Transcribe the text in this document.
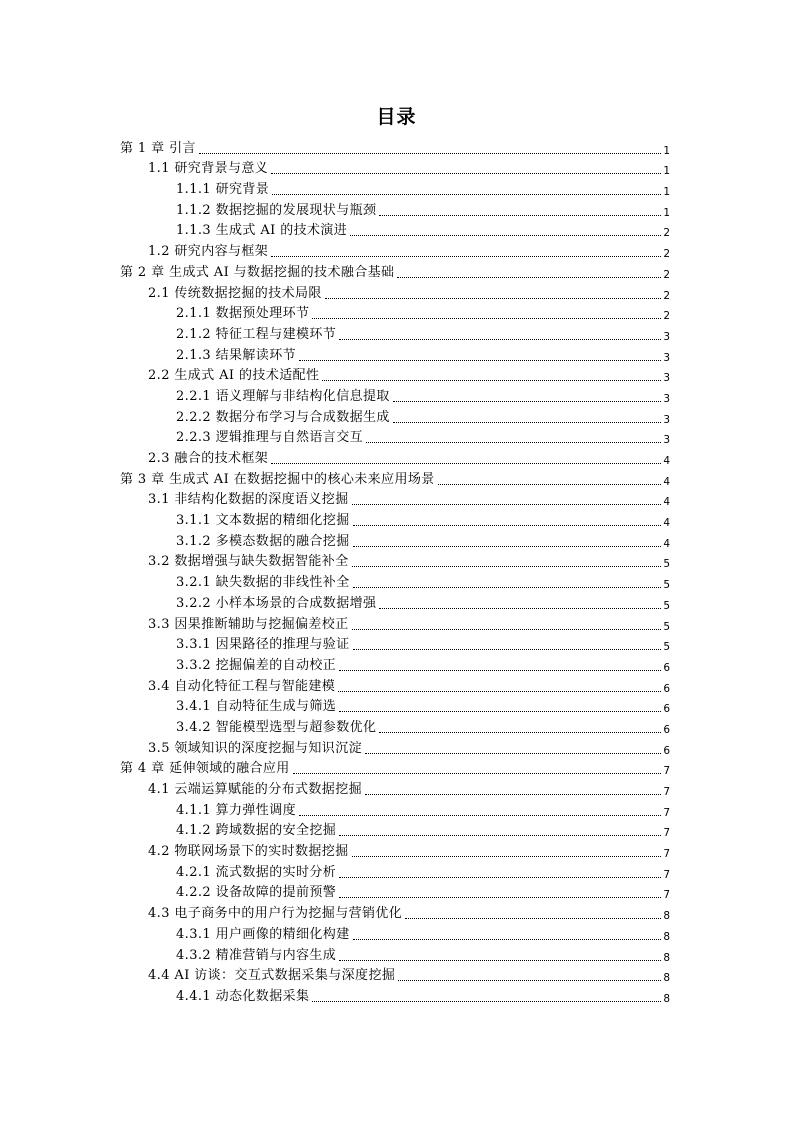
目录
第 1 章 引言	1
1.1 研究背景与意义	1
1.1.1 研究背景	1
1.1.2 数据挖掘的发展现状与瓶颈	1
1.1.3 生成式 AI 的技术演进	2
1.2 研究内容与框架	2
第 2 章 生成式 AI 与数据挖掘的技术融合基础	2
2.1 传统数据挖掘的技术局限	2
2.1.1 数据预处理环节	2
2.1.2 特征工程与建模环节	3
2.1.3 结果解读环节	3
2.2 生成式 AI 的技术适配性	3
2.2.1 语义理解与非结构化信息提取	3
2.2.2 数据分布学习与合成数据生成	3
2.2.3 逻辑推理与自然语言交互	3
2.3 融合的技术框架	4
第 3 章 生成式 AI 在数据挖掘中的核心未来应用场景	4
3.1 非结构化数据的深度语义挖掘	4
3.1.1 文本数据的精细化挖掘	4
3.1.2 多模态数据的融合挖掘	4
3.2 数据增强与缺失数据智能补全	5
3.2.1 缺失数据的非线性补全	5
3.2.2 小样本场景的合成数据增强	5
3.3 因果推断辅助与挖掘偏差校正	5
3.3.1 因果路径的推理与验证	5
3.3.2 挖掘偏差的自动校正	6
3.4 自动化特征工程与智能建模	6
3.4.1 自动特征生成与筛选	6
3.4.2 智能模型选型与超参数优化	6
3.5 领域知识的深度挖掘与知识沉淀	6
第 4 章 延伸领域的融合应用	7
4.1 云端运算赋能的分布式数据挖掘	7
4.1.1 算力弹性调度	7
4.1.2 跨域数据的安全挖掘	7
4.2 物联网场景下的实时数据挖掘	7
4.2.1 流式数据的实时分析	7
4.2.2 设备故障的提前预警	7
4.3 电子商务中的用户行为挖掘与营销优化	8
4.3.1 用户画像的精细化构建	8
4.3.2 精准营销与内容生成	8
4.4 AI 访谈：交互式数据采集与深度挖掘	8
4.4.1 动态化数据采集	8
